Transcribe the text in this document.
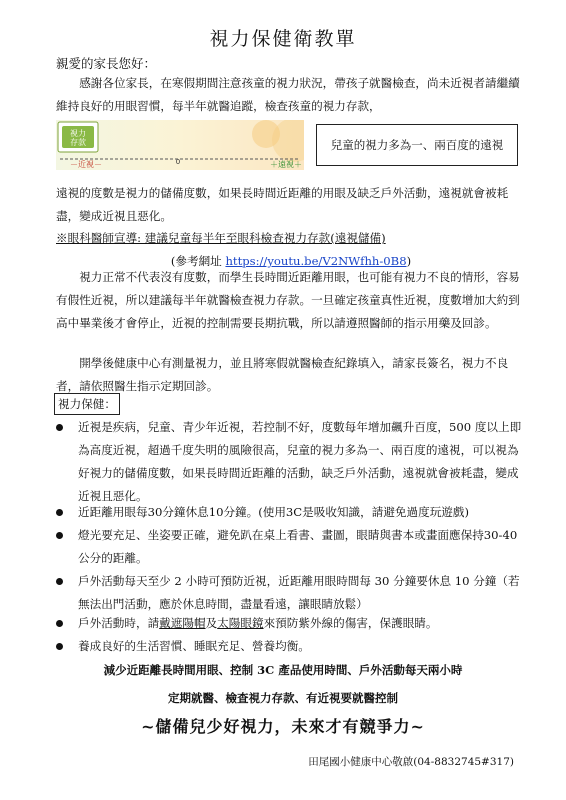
視力保健衛教單
親愛的家長您好：
感謝各位家長，在寒假期間注意孩童的視力狀況，帶孩子就醫檢查，尚未近視者請繼續維持良好的用眼習慣，每半年就醫追蹤，檢查孩童的視力存款，
視力
存款
－近視－	0	＋遠視＋
兒童的視力多為一、兩百度的遠視
遠視的度數是視力的儲備度數，如果長時間近距離的用眼及缺乏戶外活動，遠視就會被耗盡，變成近視且惡化。
※眼科醫師宣導: 建議兒童每半年至眼科檢查視力存款(遠視儲備)
(參考網址 https://youtu.be/V2NWfhh-0B8)
視力正常不代表沒有度數，而學生長時間近距離用眼，也可能有視力不良的情形，容易有假性近視，所以建議每半年就醫檢查視力存款。一旦確定孩童真性近視，度數增加大約到高中畢業後才會停止，近視的控制需要長期抗戰，所以請遵照醫師的指示用藥及回診。
開學後健康中心有測量視力，並且將寒假就醫檢查紀錄填入，請家長簽名，視力不良者，請依照醫生指示定期回診。
視力保健：
近視是疾病，兒童、青少年近視，若控制不好，度數每年增加飆升百度，500 度以上即為高度近視，超過千度失明的風險很高，兒童的視力多為一、兩百度的遠視，可以視為好視力的儲備度數，如果長時間近距離的活動，缺乏戶外活動，遠視就會被耗盡，變成近視且惡化。
近距離用眼每30分鐘休息10分鐘。(使用3C是吸收知識，請避免過度玩遊戲)
燈光要充足、坐姿要正確，避免趴在桌上看書、畫圖，眼睛與書本或畫面應保持30-40公分的距離。
戶外活動每天至少 2 小時可預防近視，近距離用眼時間每 30 分鐘要休息 10 分鐘（若無法出門活動，應於休息時間，盡量看遠，讓眼睛放鬆）
戶外活動時，請戴遮陽帽及太陽眼鏡來預防紫外線的傷害，保護眼睛。
養成良好的生活習慣、睡眠充足、營養均衡。
減少近距離長時間用眼、控制 3C 產品使用時間、戶外活動每天兩小時
定期就醫、檢查視力存款、有近視要就醫控制
~儲備兒少好視力，未來才有競爭力~
田尾國小健康中心敬啟(04-8832745#317)
